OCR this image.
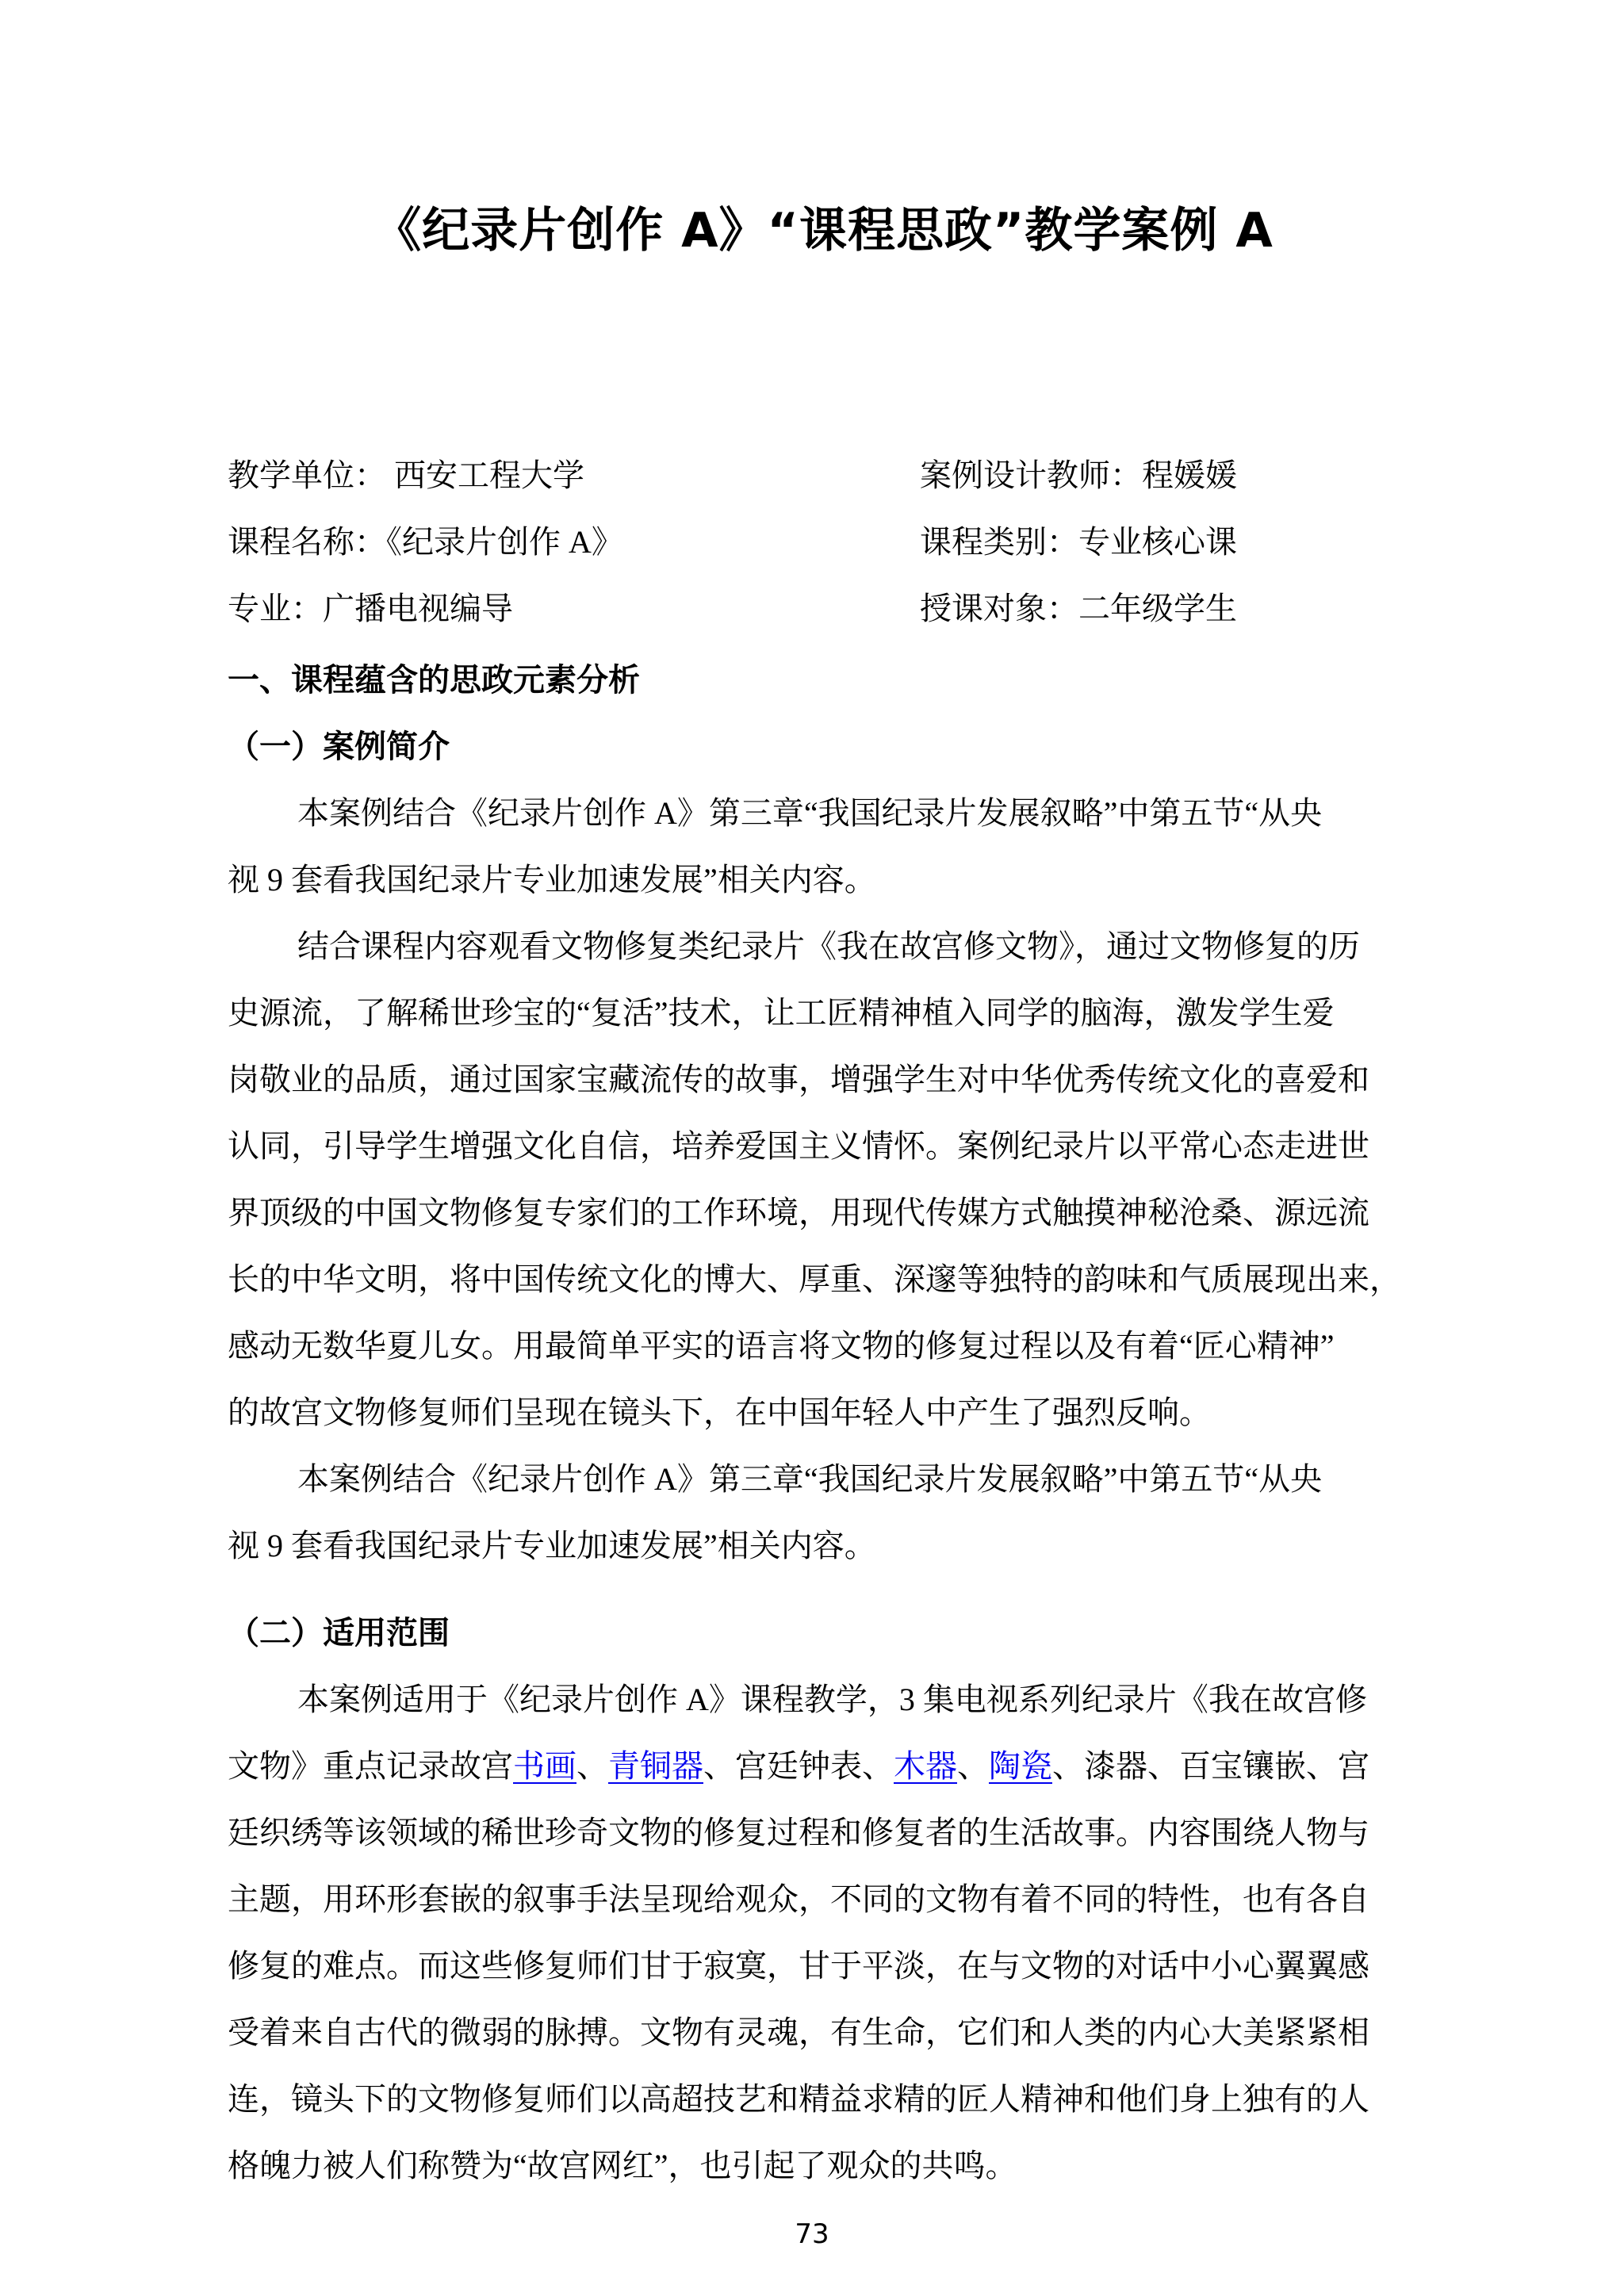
《纪录片创作 A》“课程思政”教学案例 A
教学单位： 西安工程大学	案例设计教师：程媛媛
课程名称：《纪录片创作 A》	课程类别：专业核心课
专业：广播电视编导	授课对象：二年级学生
一、课程蕴含的思政元素分析
（一）案例简介
本案例结合《纪录片创作 A》第三章“我国纪录片发展叙略”中第五节“从央
视 9 套看我国纪录片专业加速发展”相关内容。
结合课程内容观看文物修复类纪录片《我在故宫修文物》，通过文物修复的历
史源流，了解稀世珍宝的“复活”技术，让工匠精神植入同学的脑海，激发学生爱
岗敬业的品质，通过国家宝藏流传的故事，增强学生对中华优秀传统文化的喜爱和
认同，引导学生增强文化自信，培养爱国主义情怀。案例纪录片以平常心态走进世
界顶级的中国文物修复专家们的工作环境，用现代传媒方式触摸神秘沧桑、源远流
长的中华文明，将中国传统文化的博大、厚重、深邃等独特的韵味和气质展现出来，
感动无数华夏儿女。用最简单平实的语言将文物的修复过程以及有着“匠心精神”
的故宫文物修复师们呈现在镜头下，在中国年轻人中产生了强烈反响。
本案例结合《纪录片创作 A》第三章“我国纪录片发展叙略”中第五节“从央
视 9 套看我国纪录片专业加速发展”相关内容。
（二）适用范围
本案例适用于《纪录片创作 A》课程教学，3 集电视系列纪录片《我在故宫修
文物》重点记录故宫书画、青铜器、宫廷钟表、木器、陶瓷、漆器、百宝镶嵌、宫
廷织绣等该领域的稀世珍奇文物的修复过程和修复者的生活故事。内容围绕人物与
主题，用环形套嵌的叙事手法呈现给观众，不同的文物有着不同的特性，也有各自
修复的难点。而这些修复师们甘于寂寞，甘于平淡，在与文物的对话中小心翼翼感
受着来自古代的微弱的脉搏。文物有灵魂，有生命，它们和人类的内心大美紧紧相
连，镜头下的文物修复师们以高超技艺和精益求精的匠人精神和他们身上独有的人
格魄力被人们称赞为“故宫网红”，也引起了观众的共鸣。
73
